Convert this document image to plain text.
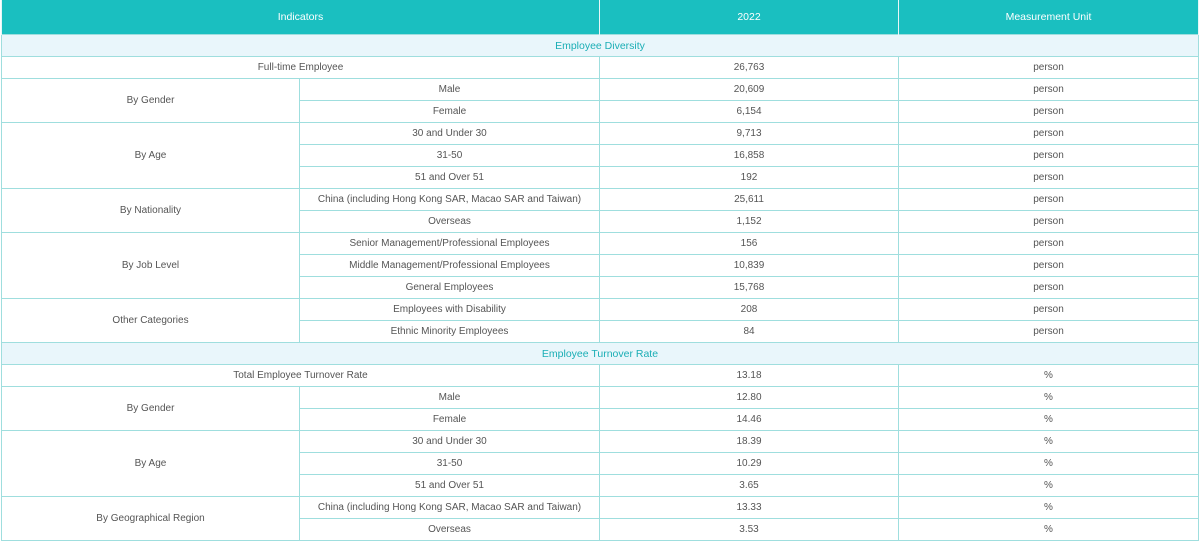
Indicators		2022	Measurement Unit
Employee Diversity			
Full-time Employee		26,763	person
By Gender	Male	20,609	person
	Female	6,154	person
By Age	30 and Under 30	9,713	person
	31-50	16,858	person
	51 and Over 51	192	person
By Nationality	China (including Hong Kong SAR, Macao SAR and Taiwan)	25,611	person
	Overseas	1,152	person
By Job Level	Senior Management/Professional Employees	156	person
	Middle Management/Professional Employees	10,839	person
	General Employees	15,768	person
Other Categories	Employees with Disability	208	person
	Ethnic Minority Employees	84	person
Employee Turnover Rate			
Total Employee Turnover Rate		13.18	%
By Gender	Male	12.80	%
	Female	14.46	%
By Age	30 and Under 30	18.39	%
	31-50	10.29	%
	51 and Over 51	3.65	%
By Geographical Region	China (including Hong Kong SAR, Macao SAR and Taiwan)	13.33	%
	Overseas	3.53	%
